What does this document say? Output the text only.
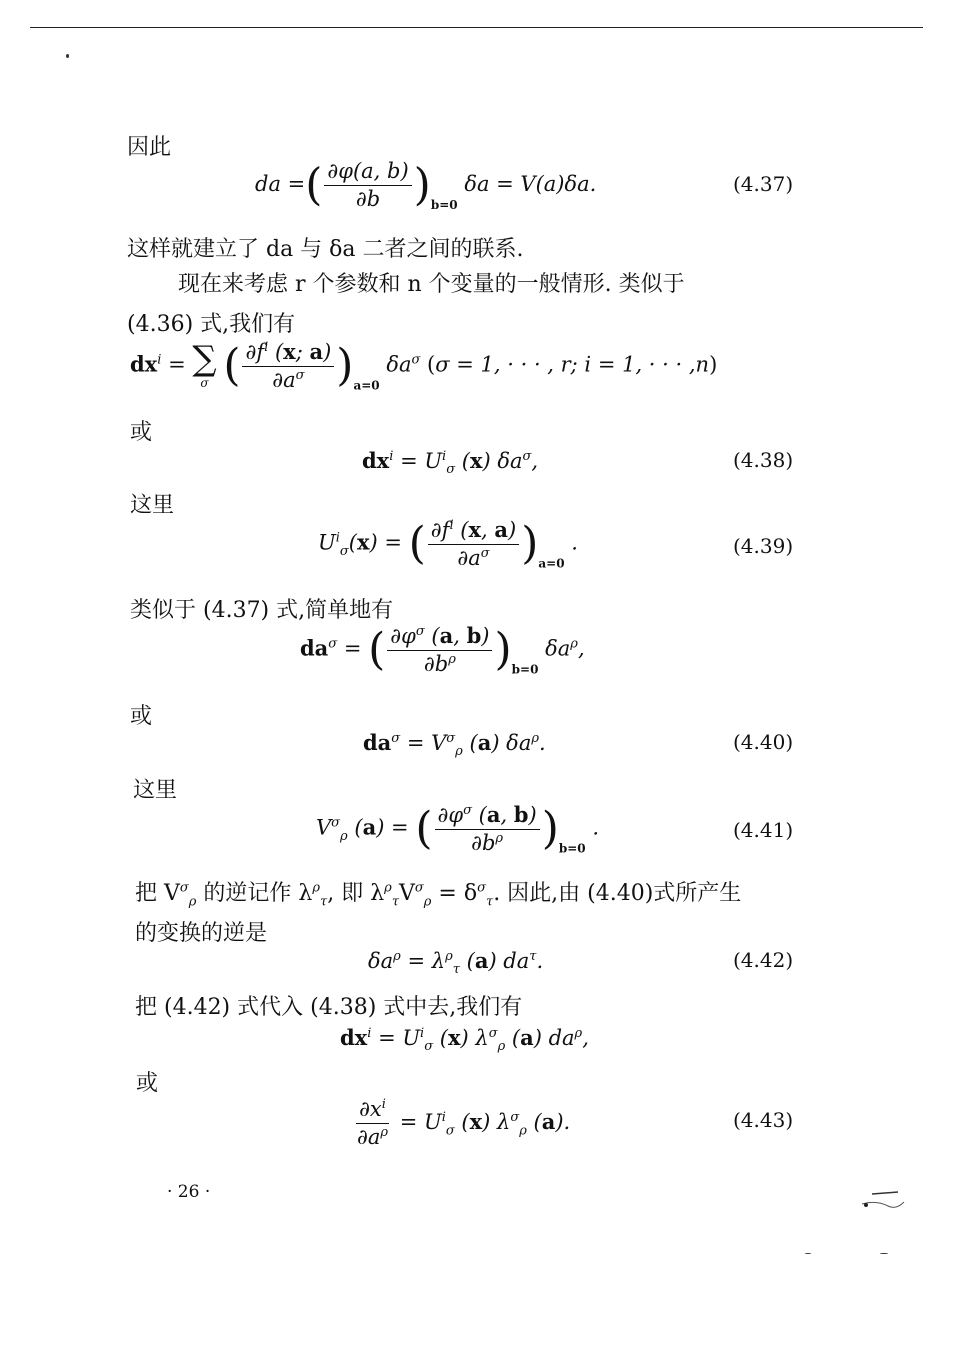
因此
da =( $\frac{\partial\varphi(a, b)}{\partial b} )_{b=0}$ δa = V(a)δa.	(4.37)
这样就建立了 da 与 δa 二者之间的联系.
现在来考虑 r 个参数和 n 个变量的一般情形. 类似于
(4.36) 式,我们有
$dx^i$ = ∑
σ ( $\frac{\partial f^i (x; a)}{\partial a^\sigma} )_{a=0}$ $\delta a^\sigma$ (σ = 1, · · · , r; i = 1, · · · ,n)
或
$dx^i = U^i_\sigma$ (x) $\delta a^\sigma$,	(4.38)
这里
$U^i_\sigma(x)$ = ( $\frac{\partial f^i (x, a)}{\partial a^\sigma} )_{a=0}$ .	(4.39)
类似于 (4.37) 式,简单地有
$da^\sigma$ = ( $\frac{\partial\varphi^\sigma (a, b)}{\partial b^\rho} )_{b=0}$ $\delta a^\rho$,
或
$da^\sigma = V^\sigma_\rho$ (a) $\delta a^\rho$.	(4.40)
这里
$V^\sigma_\rho$ (a) = ( $\frac{\partial\varphi^\sigma (a, b)}{\partial b^\rho} )_{b=0}$ .	(4.41)
把 $V^\sigma_\rho$ 的逆记作 $\lambda^\rho_\tau$, 即 $\lambda^\rho_\tau V^\sigma_\rho = \delta^\sigma_\tau$. 因此,由 (4.40)式所产生
的变换的逆是
$\delta a^\rho = \lambda^\rho_\tau$ (a) $da^\tau$.	(4.42)
把 (4.42) 式代入 (4.38) 式中去,我们有
$dx^i = U^i_\sigma$ (x) $\lambda^\sigma_\rho$ (a) $da^\rho$,
或
$\frac{\partial x^i}{\partial a^\rho} = U^i_\sigma$ (x) $\lambda^\sigma_\rho$ (a).	(4.43)
· 26 ·
